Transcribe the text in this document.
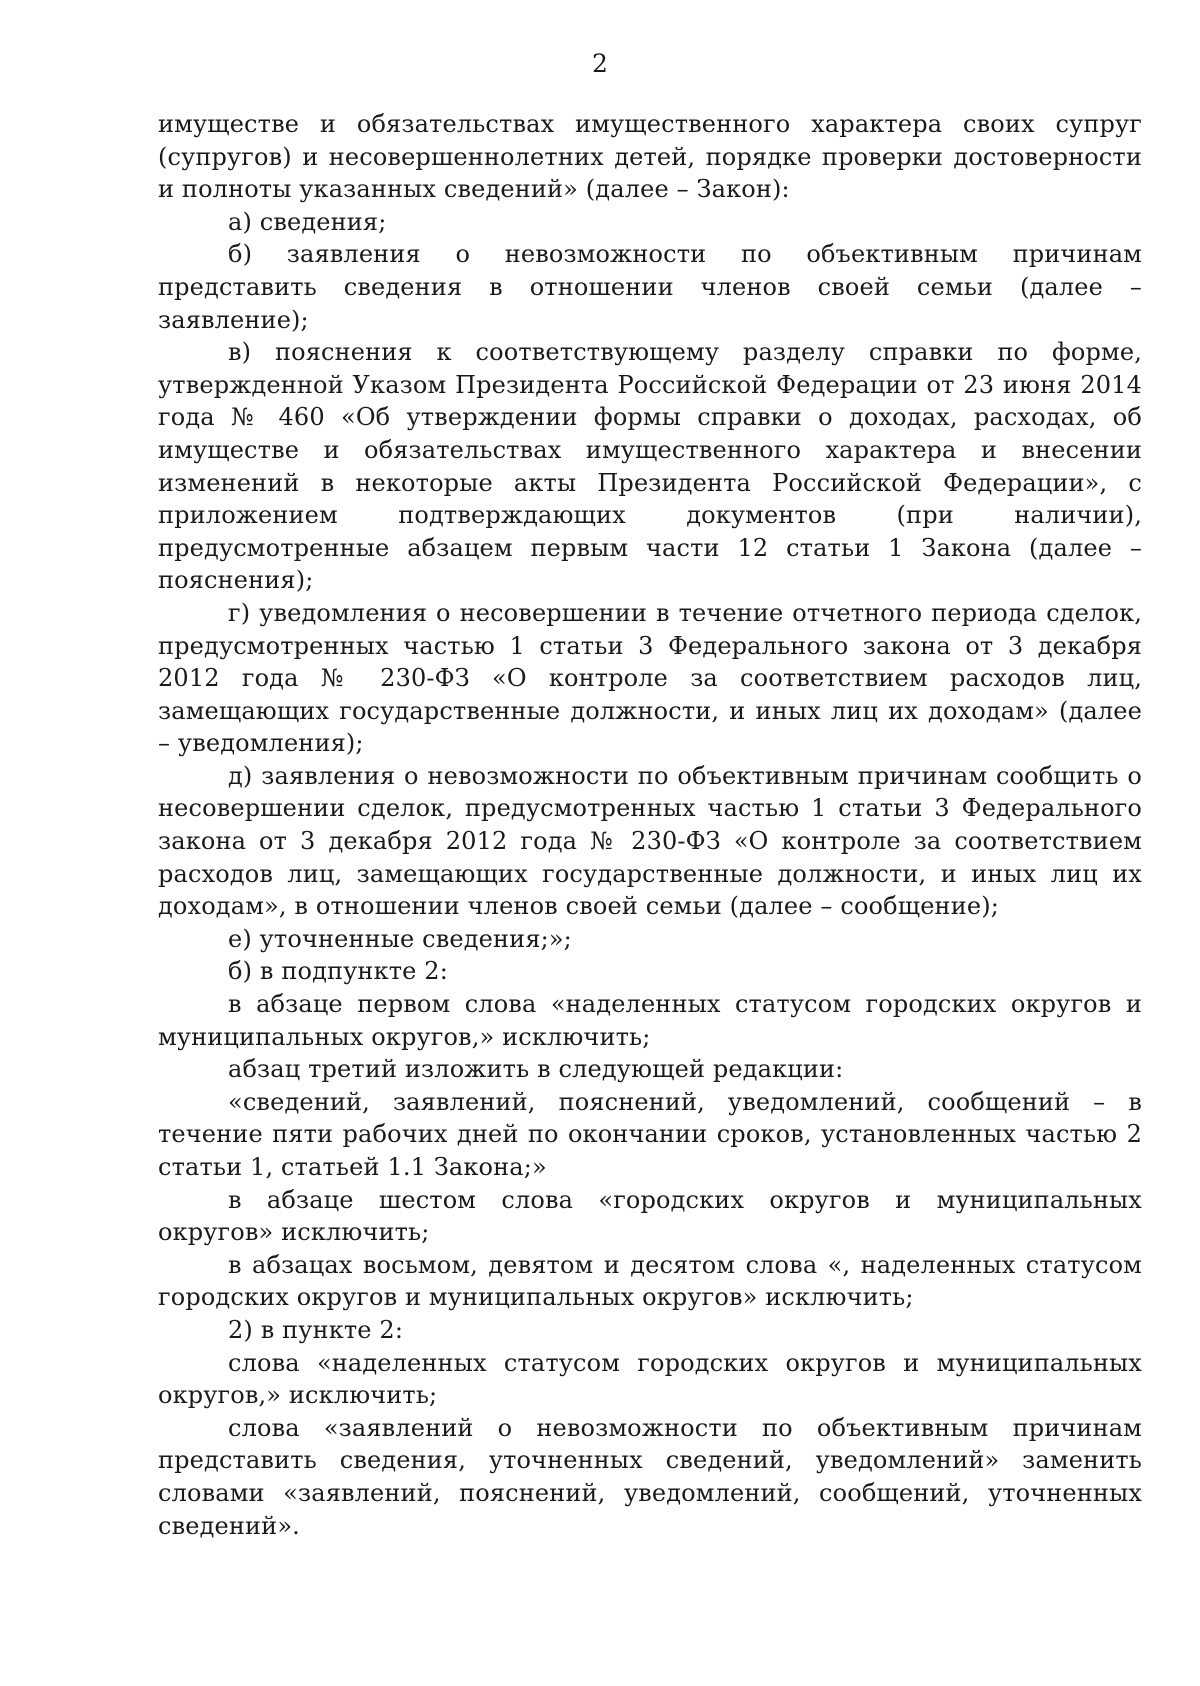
2

имуществе и обязательствах имущественного характера своих супруг (супругов) и несовершеннолетних детей, порядке проверки достоверности и полноты указанных сведений» (далее – Закон):

а) сведения;

б) заявления о невозможности по объективным причинам представить сведения в отношении членов своей семьи (далее – заявление);

в) пояснения к соответствующему разделу справки по форме, утвержденной Указом Президента Российской Федерации от 23 июня 2014 года № 460 «Об утверждении формы справки о доходах, расходах, об имуществе и обязательствах имущественного характера и внесении изменений в некоторые акты Президента Российской Федерации», с приложением подтверждающих документов (при наличии), предусмотренные абзацем первым части 12 статьи 1 Закона (далее – пояснения);

г) уведомления о несовершении в течение отчетного периода сделок, предусмотренных частью 1 статьи 3 Федерального закона от 3 декабря 2012 года № 230-ФЗ «О контроле за соответствием расходов лиц, замещающих государственные должности, и иных лиц их доходам» (далее – уведомления);

д) заявления о невозможности по объективным причинам сообщить о несовершении сделок, предусмотренных частью 1 статьи 3 Федерального закона от 3 декабря 2012 года № 230-ФЗ «О контроле за соответствием расходов лиц, замещающих государственные должности, и иных лиц их доходам», в отношении членов своей семьи (далее – сообщение);

е) уточненные сведения;»;

б) в подпункте 2:

в абзаце первом слова «наделенных статусом городских округов и муниципальных округов,» исключить;

абзац третий изложить в следующей редакции:

«сведений, заявлений, пояснений, уведомлений, сообщений – в течение пяти рабочих дней по окончании сроков, установленных частью 2 статьи 1, статьей 1.1 Закона;»

в абзаце шестом слова «городских округов и муниципальных округов» исключить;

в абзацах восьмом, девятом и десятом слова «, наделенных статусом городских округов и муниципальных округов» исключить;

2) в пункте 2:

слова «наделенных статусом городских округов и муниципальных округов,» исключить;

слова «заявлений о невозможности по объективным причинам представить сведения, уточненных сведений, уведомлений» заменить словами «заявлений, пояснений, уведомлений, сообщений, уточненных сведений».
